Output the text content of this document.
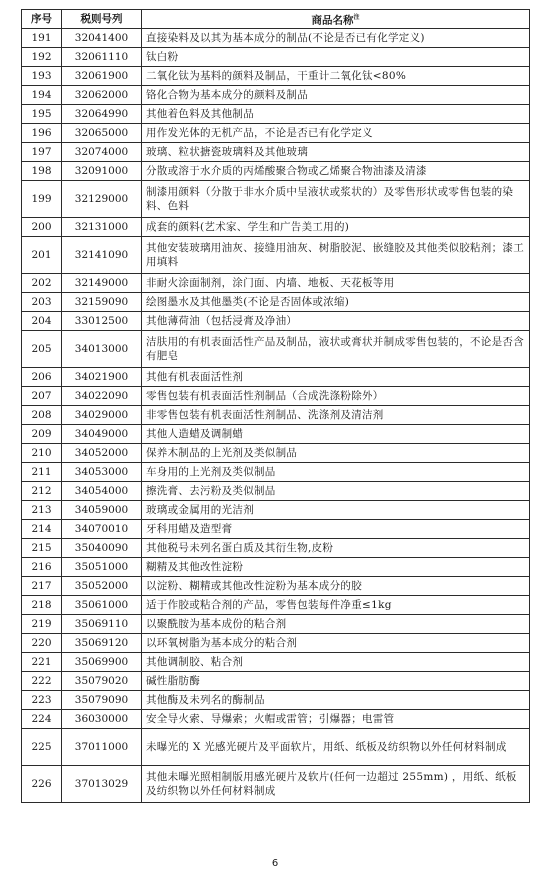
序号	税则号列	商品名称$^注$
191	32041400	直接染料及以其为基本成分的制品(不论是否已有化学定义)
192	32061110	钛白粉
193	32061900	二氧化钛为基料的颜料及制品，干重计二氧化钛<80%
194	32062000	铬化合物为基本成分的颜料及制品
195	32064990	其他着色料及其他制品
196	32065000	用作发光体的无机产品，不论是否已有化学定义
197	32074000	玻璃、粒状搪瓷玻璃料及其他玻璃
198	32091000	分散或溶于水介质的丙烯酸聚合物或乙烯聚合物油漆及清漆
199	32129000	制漆用颜料（分散于非水介质中呈液状或浆状的）及零售形状或零售包装的染料、色料
200	32131000	成套的颜料(艺术家、学生和广告美工用的)
201	32141090	其他安装玻璃用油灰、接缝用油灰、树脂胶泥、嵌缝胶及其他类似胶粘剂；漆工用填料
202	32149000	非耐火涂面制剂，涂门面、内墙、地板、天花板等用
203	32159090	绘图墨水及其他墨类(不论是否固体或浓缩)
204	33012500	其他薄荷油（包括浸膏及净油）
205	34013000	洁肤用的有机表面活性产品及制品，液状或膏状并制成零售包装的，不论是否含有肥皂
206	34021900	其他有机表面活性剂
207	34022090	零售包装有机表面活性剂制品（合成洗涤粉除外）
208	34029000	非零售包装有机表面活性剂制品、洗涤剂及清洁剂
209	34049000	其他人造蜡及调制蜡
210	34052000	保养木制品的上光剂及类似制品
211	34053000	车身用的上光剂及类似制品
212	34054000	擦洗膏、去污粉及类似制品
213	34059000	玻璃或金属用的光洁剂
214	34070010	牙科用蜡及造型膏
215	35040090	其他税号未列名蛋白质及其衍生物,皮粉
216	35051000	糊精及其他改性淀粉
217	35052000	以淀粉、糊精或其他改性淀粉为基本成分的胶
218	35061000	适于作胶或粘合剂的产品，零售包装每件净重≤1kg
219	35069110	以聚酰胺为基本成份的粘合剂
220	35069120	以环氧树脂为基本成分的粘合剂
221	35069900	其他调制胶、粘合剂
222	35079020	碱性脂肪酶
223	35079090	其他酶及未列名的酶制品
224	36030000	安全导火索、导爆索；火帽或雷管；引爆器；电雷管
225	37011000	未曝光的 X 光感光硬片及平面软片，用纸、纸板及纺织物以外任何材料制成
226	37013029	其他未曝光照相制版用感光硬片及软片(任何一边超过 255mm) ，用纸、纸板及纺织物以外任何材料制成
6
